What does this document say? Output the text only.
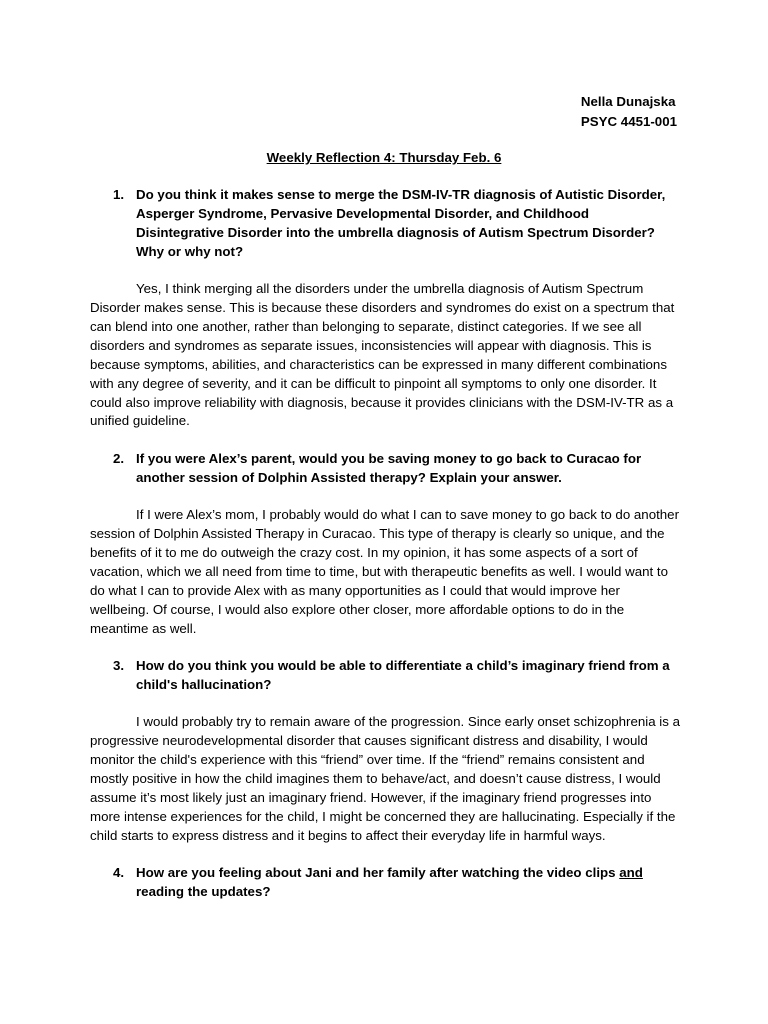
Nella Dunajska
PSYC 4451-001
Weekly Reflection 4: Thursday Feb. 6

1. Do you think it makes sense to merge the DSM-IV-TR diagnosis of Autistic Disorder, Asperger Syndrome, Pervasive Developmental Disorder, and Childhood Disintegrative Disorder into the umbrella diagnosis of Autism Spectrum Disorder? Why or why not?

Yes, I think merging all the disorders under the umbrella diagnosis of Autism Spectrum Disorder makes sense. This is because these disorders and syndromes do exist on a spectrum that can blend into one another, rather than belonging to separate, distinct categories. If we see all disorders and syndromes as separate issues, inconsistencies will appear with diagnosis. This is because symptoms, abilities, and characteristics can be expressed in many different combinations with any degree of severity, and it can be difficult to pinpoint all symptoms to only one disorder. It could also improve reliability with diagnosis, because it provides clinicians with the DSM-IV-TR as a unified guideline.

2. If you were Alex’s parent, would you be saving money to go back to Curacao for another session of Dolphin Assisted therapy? Explain your answer.

If I were Alex’s mom, I probably would do what I can to save money to go back to do another session of Dolphin Assisted Therapy in Curacao. This type of therapy is clearly so unique, and the benefits of it to me do outweigh the crazy cost. In my opinion, it has some aspects of a sort of vacation, which we all need from time to time, but with therapeutic benefits as well. I would want to do what I can to provide Alex with as many opportunities as I could that would improve her wellbeing. Of course, I would also explore other closer, more affordable options to do in the meantime as well.

3. How do you think you would be able to differentiate a child’s imaginary friend from a child's hallucination?

I would probably try to remain aware of the progression. Since early onset schizophrenia is a progressive neurodevelopmental disorder that causes significant distress and disability, I would monitor the child's experience with this “friend” over time. If the “friend” remains consistent and mostly positive in how the child imagines them to behave/act, and doesn’t cause distress, I would assume it’s most likely just an imaginary friend. However, if the imaginary friend progresses into more intense experiences for the child, I might be concerned they are hallucinating. Especially if the child starts to express distress and it begins to affect their everyday life in harmful ways.

4. How are you feeling about Jani and her family after watching the video clips and reading the updates?
